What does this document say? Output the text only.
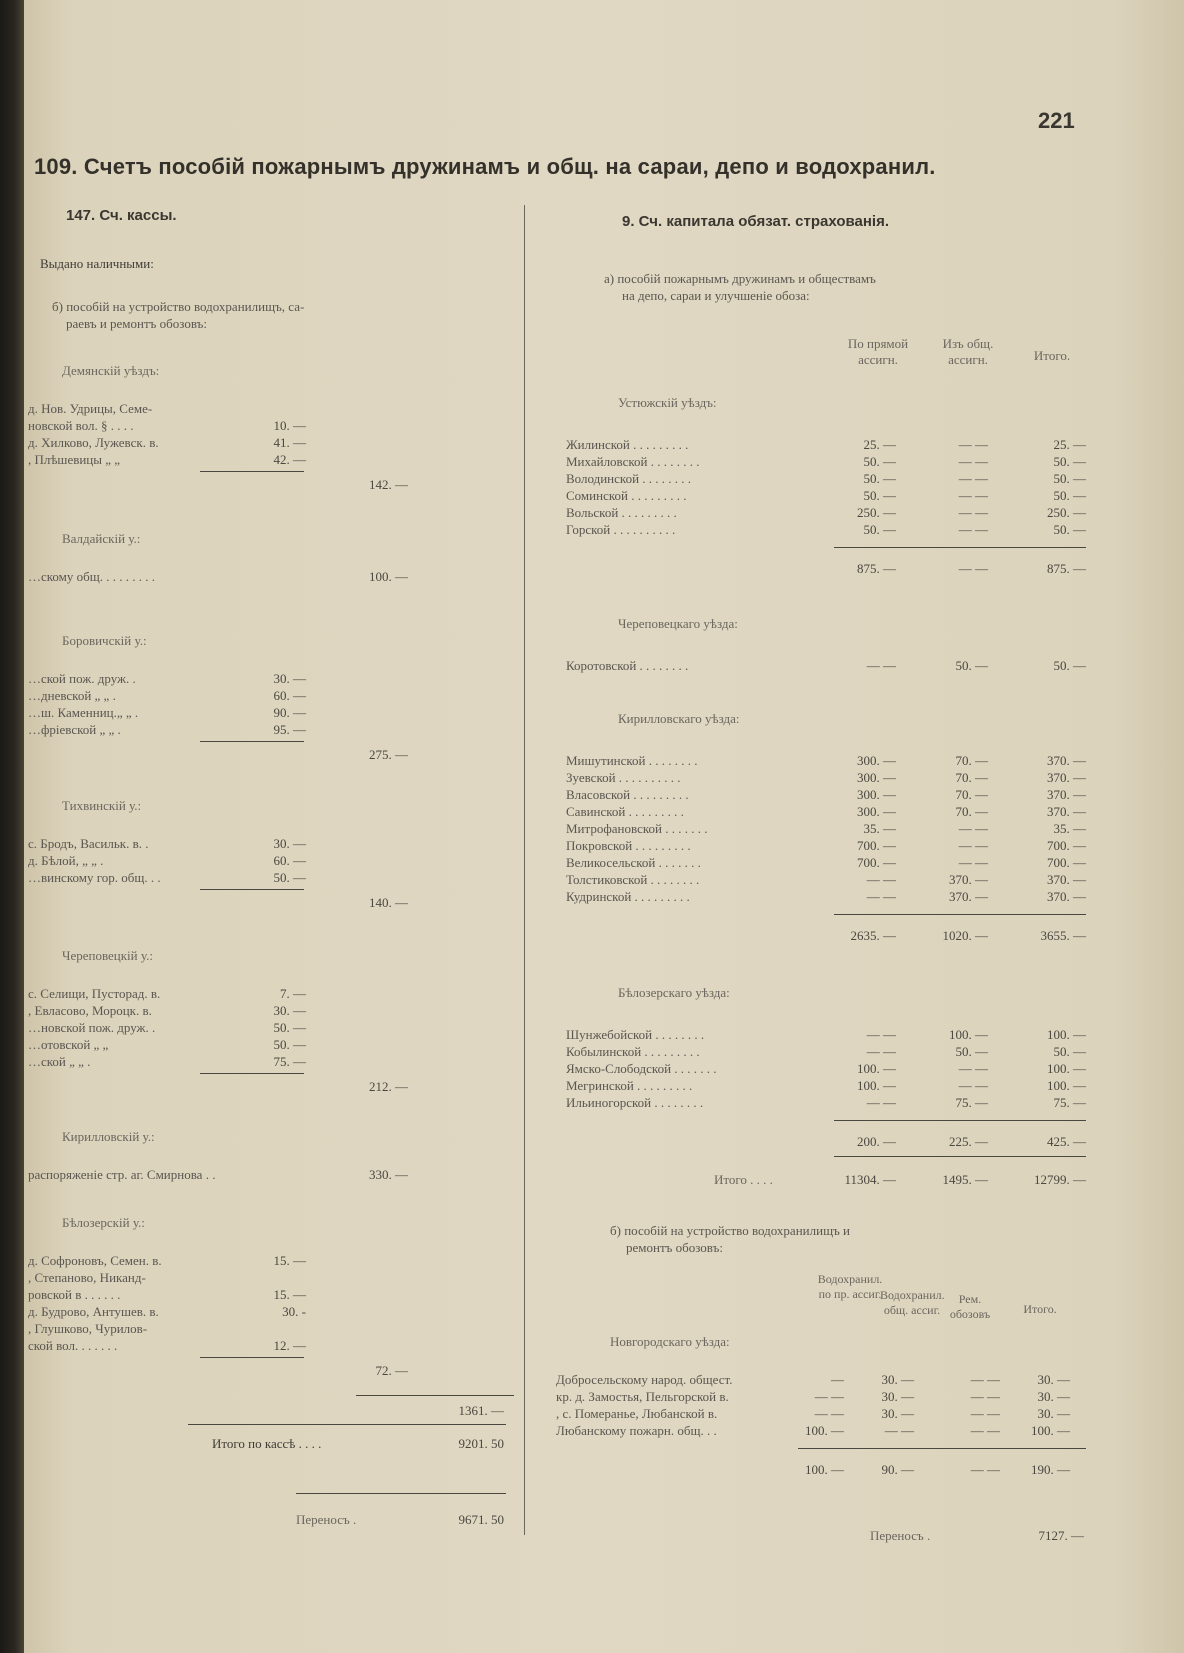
221
109. Счетъ пособій пожарнымъ дружинамъ и общ. на сараи, депо и водохранил.
147. Сч. кассы.
Выдано наличными:
б) пособій на устройство водохранилищъ, са-
раевъ и ремонтъ обозовъ:
9. Сч. капитала обязат. страхованія.
а) пособій пожарнымъ дружинамъ и обществамъ
на депо, сараи и улучшеніе обоза:
По прямой ассигн.
Изъ общ. ассигн.	Итого.
Демянскій уѣздъ:
д. Нов. Удрицы, Семе-
новской вол. § . . . .	10. —
д. Хилково, Лужевск. в.	41. —
, Плѣшевицы „ „	42. —
142. —
Валдайскій у.:
…скому общ. . . . . . . . .	100. —
Боровичскій у.:
…ской пож. друж. .	30. —
…дневской „ „ .	60. —
…ш. Каменниц.„ „ .	90. —
…фріевской „ „ .	95. —
275. —
Тихвинскій у.:
с. Бродъ, Васильк. в. .	30. —
д. Бѣлой, „ „ .	60. —
…винскому гор. общ. . .	50. —
140. —
Череповецкій у.:
с. Селищи, Пусторад. в.	7. —
, Евласово, Мороцк. в.	30. —
…новской пож. друж. .	50. —
…отовской „ „	50. —
…ской „ „ .	75. —
212. —
Кирилловскій у.:
распоряженіе стр. аг. Смирнова . .	330. —
Бѣлозерскій у.:
д. Софроновъ, Семен. в.	15. —
, Степаново, Никанд-
ровской в . . . . . .	15. —
д. Будрово, Антушев. в.	30. -
, Глушково, Чурилов-
ской вол. . . . . . .	12. —
72. —
1361. —
Итого по кассѣ . . . .	9201. 50
Переносъ .	9671. 50
Устюжскій уѣздъ:
Жилинской . . . . . . . . .	25. —	— —	25. —
Михайловской . . . . . . . .	50. —	— —	50. —
Володинской . . . . . . . .	50. —	— —	50. —
Соминской . . . . . . . . .	50. —	— —	50. —
Вольской . . . . . . . . .	250. —	— —	250. —
Горской . . . . . . . . . .	50. —	— —	50. —
875. —	— —	875. —
Череповецкаго уѣзда:
Коротовской . . . . . . . .	— —	50. —	50. —
Кирилловскаго уѣзда:
Мишутинской . . . . . . . .	300. —	70. —	370. —
Зуевской . . . . . . . . . .	300. —	70. —	370. —
Власовской . . . . . . . . .	300. —	70. —	370. —
Савинской . . . . . . . . .	300. —	70. —	370. —
Митрофановской . . . . . . .	35. —	— —	35. —
Покровской . . . . . . . . .	700. —	— —	700. —
Великосельской . . . . . . .	700. —	— —	700. —
Толстиковской . . . . . . . .	— —	370. —	370. —
Кудринской . . . . . . . . .	— —	370. —	370. —
2635. —	1020. —	3655. —
Бѣлозерскаго уѣзда:
Шунжебойской . . . . . . . .	— —	100. —	100. —
Кобылинской . . . . . . . . .	— —	50. —	50. —
Ямско-Слободской . . . . . . .	100. —	— —	100. —
Мегринской . . . . . . . . .	100. —	— —	100. —
Ильиногорской . . . . . . . .	— —	75. —	75. —
200. —	225. —	425. —
Итого . . . .	11304. —	1495. —	12799. —
б) пособій на устройство водохранилищъ и
ремонтъ обозовъ:
Водохранил. по пр. ассиг.
Водохранил. общ. ассиг.
Рем. обозовъ	Итого.
Новгородскаго уѣзда:
Добросельскому народ. общест.	—	30. —	— —	30. —
кр. д. Замостья, Пельгорской в.	— —	30. —	— —	30. —
, с. Померанье, Любанской в.	— —	30. —	— —	30. —
Любанскому пожарн. общ. . .	100. —	— —	— —	100. —
100. —	90. —	— —	190. —
Переносъ .	7127. —
